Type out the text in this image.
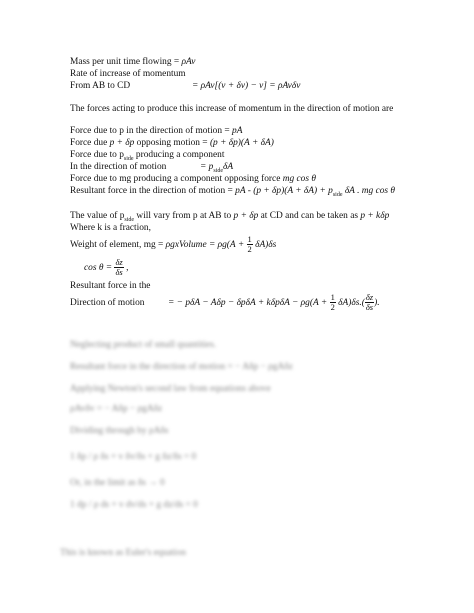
Mass per unit time flowing = ρAv
Rate of increase of momentum
From AB to CD	= ρAv[(v + δv) − v] = ρAvδv
The forces acting to produce this increase of momentum in the direction of motion are
Force due to p in the direction of motion = pA
Force due p + δp opposing motion = (p + δp)(A + δA)
Force due to $p_{side}$ producing a component
In the direction of motion	= $p_{side}\delta A$
Force due to mg producing a component opposing force mg cos θ
Resultant force in the direction of motion = pA - $(p + \delta p)(A + \delta A) + p_{side}$ δA . mg cos θ
The value of $p_{side}$ will vary from p at AB to p + δp at CD and can be taken as p + kδp
Where k is a fraction,
Weight of element, mg = ρgxVolume = $\rho g(A + \frac{1}{2} \delta A)\delta s$
$\cos \theta = \frac{\delta z}{\delta s}$ ,
Resultant force in the
Direction of motion	= − $p\delta A - A\delta p - \delta p\delta A + k\delta p\delta A - \rho g(A + \frac{1}{2} \delta A)\delta s.( \frac{\delta z}{\delta s}$ ).
Neglecting product of small quantities.
Resultant force in the direction of motion = − Aδp − ρgAδz
Applying Newton's second law from equations above
ρAvδv = − Aδp − ρgAδz
Dividing through by ρAδs
1 δp / ρ δs + v δv/δs + g δz/δs = 0
Or, in the limit as δs → 0
1 dp / ρ ds + v dv/ds + g dz/ds = 0
This is known as Euler's equation
